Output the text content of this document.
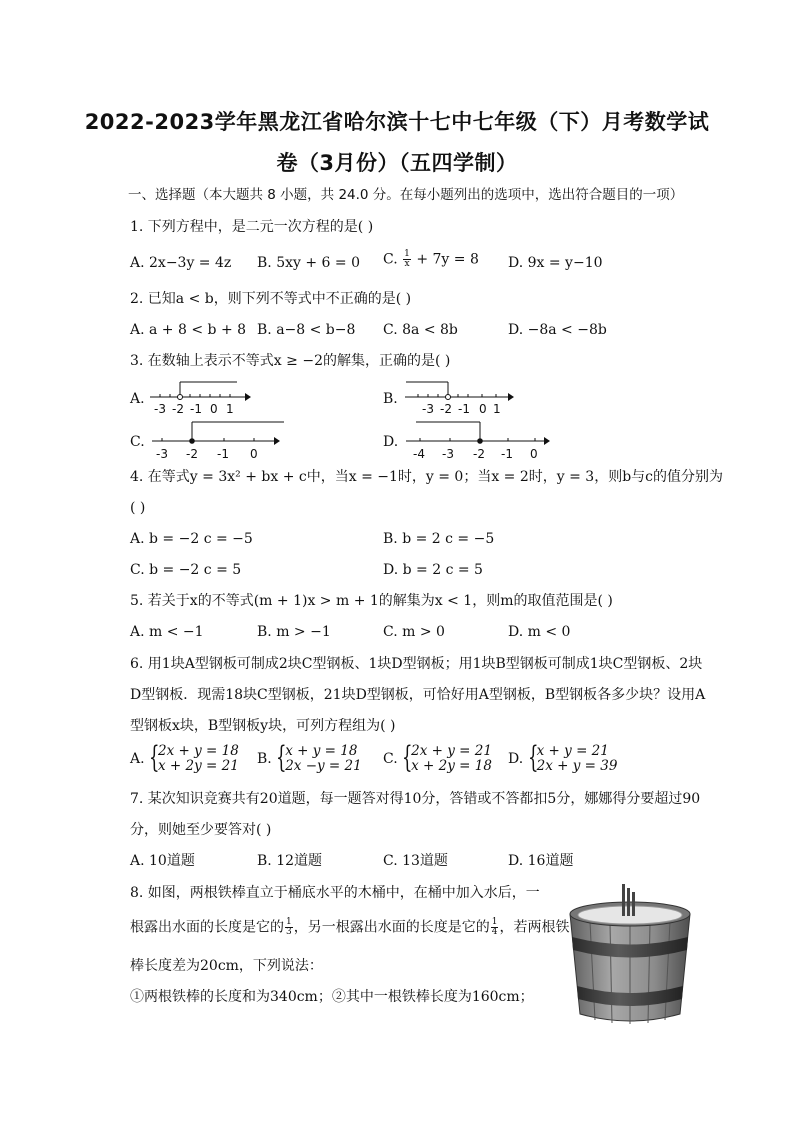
2022-2023学年黑龙江省哈尔滨十七中七年级（下）月考数学试
卷（3月份）（五四学制）
一、选择题（本大题共 8 小题，共 24.0 分。在每小题列出的选项中，选出符合题目的一项）
1. 下列方程中，是二元一次方程的是( )
A. 2x−3y = 4z B. 5xy + 6 = 0 C. $\frac{1}{x} + 7y = 8$ D. 9x = y−10
2. 已知a < b，则下列不等式中不正确的是( )
A. a + 8 < b + 8 B. a−8 < b−8 C. 8a < 8b	D. −8a < −8b
3. 在数轴上表示不等式x ≥ −2的解集，正确的是( )
A.
-3 -2 -1 0 1
B.
-3 -2 -1 0 1
C.
-3 -2 -1 0
D.
-4 -3 -2 -1 0
4. 在等式y = 3x² + bx + c中，当x = −1时，y = 0；当x = 2时，y = 3，则b与c的值分别为
( )
A. b = −2 c = −5	B. b = 2 c = −5
C. b = −2 c = 5	D. b = 2 c = 5
5. 若关于x的不等式(m + 1)x > m + 1的解集为x < 1，则m的取值范围是( )
A. m < −1	B. m > −1	C. m > 0	D. m < 0
6. 用1块A型钢板可制成2块C型钢板、1块D型钢板；用1块B型钢板可制成1块C型钢板、2块
D型钢板．现需18块C型钢板，21块D型钢板，可恰好用A型钢板，B型钢板各多少块？设用A
型钢板x块，B型钢板y块，可列方程组为( )
A. {
2x + y = 18
x + 2y = 21 B. {
x + y = 18
2x −y = 21 C. {
2x + y = 21
x + 2y = 18 D. {
x + y = 21
2x + y = 39
7. 某次知识竞赛共有20道题，每一题答对得10分，答错或不答都扣5分，娜娜得分要超过90
分，则她至少要答对( )
A. 10道题	B. 12道题	C. 13道题	D. 16道题
8. 如图，两根铁棒直立于桶底水平的木桶中，在桶中加入水后，一
根露出水面的长度是它的 $\frac{1}{3}$ ，另一根露出水面的长度是它的 $\frac{1}{4}$ ，若两根铁
棒长度差为20cm，下列说法：
①两根铁棒的长度和为340cm；②其中一根铁棒长度为160cm；
